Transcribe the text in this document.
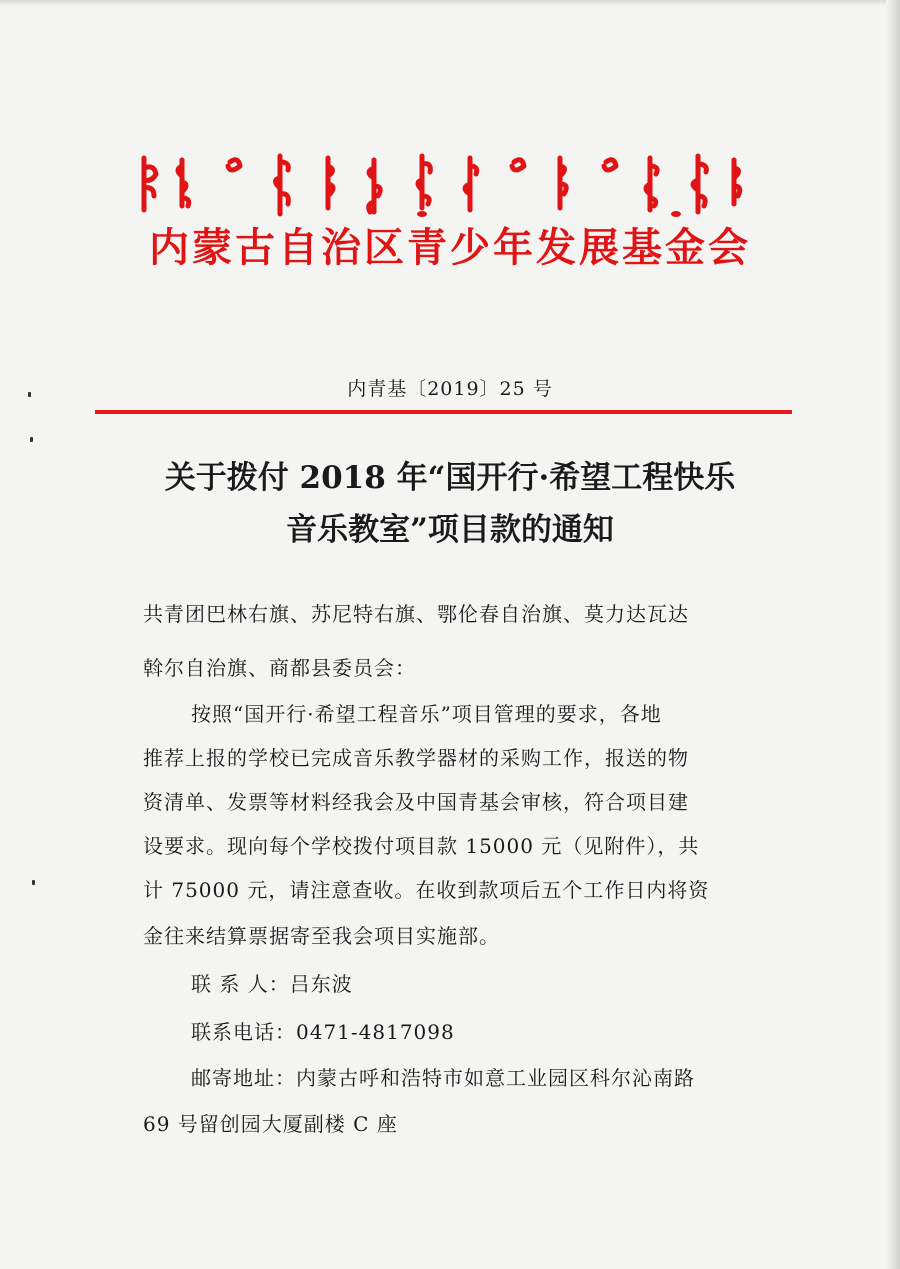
内蒙古自治区青少年发展基金会
内青基〔2019〕25 号
关于拨付 2018 年“国开行·希望工程快乐
音乐教室”项目款的通知
共青团巴林右旗、苏尼特右旗、鄂伦春自治旗、莫力达瓦达
斡尔自治旗、商都县委员会：
按照“国开行·希望工程音乐”项目管理的要求，各地
推荐上报的学校已完成音乐教学器材的采购工作，报送的物
资清单、发票等材料经我会及中国青基会审核，符合项目建
设要求。现向每个学校拨付项目款 15000 元（见附件），共
计 75000 元，请注意查收。在收到款项后五个工作日内将资
金往来结算票据寄至我会项目实施部。
联 系 人：吕东波
联系电话：0471-4817098
邮寄地址：内蒙古呼和浩特市如意工业园区科尔沁南路
69 号留创园大厦副楼 C 座
